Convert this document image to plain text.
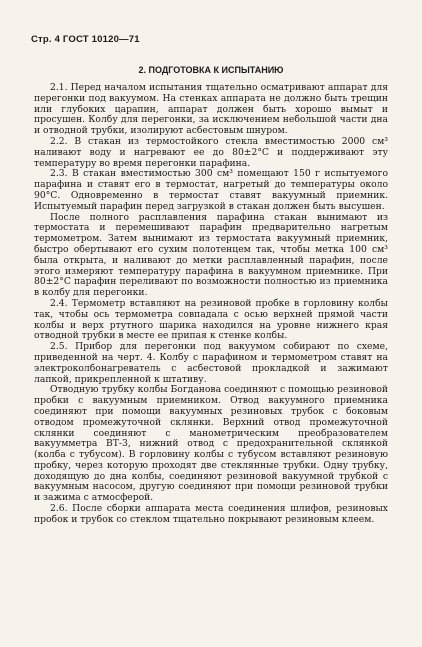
Стр. 4 ГОСТ 10120—71
2. ПОДГОТОВКА К ИСПЫТАНИЮ

2.1. Перед началом испытания тщательно осматривают аппарат для перегонки под вакуумом. На стенках аппарата не должно быть трещин или глубоких царапин, аппарат должен быть хорошо вымыт и просушен. Колбу для перегонки, за исключением небольшой части дна и отводной трубки, изолируют асбестовым шнуром.

2.2. В стакан из термостойкого стекла вместимостью 2000 см³ наливают воду и нагревают ее до 80±2°С и поддерживают эту температуру во время перегонки парафина.

2.3. В стакан вместимостью 300 см³ помещают 150 г испытуемого парафина и ставят его в термостат, нагретый до температуры около 90°С. Одновременно в термостат ставят вакуумный приемник. Испытуемый парафин перед загрузкой в стакан должен быть высушен.

После полного расплавления парафина стакан вынимают из термостата и перемешивают парафин предварительно нагретым термометром. Затем вынимают из термостата вакуумный приемник, быстро обертывают его сухим полотенцем так, чтобы метка 100 см³ была открыта, и наливают до метки расплавленный парафин, после этого измеряют температуру парафина в вакуумном приемнике. При 80±2°С парафин переливают по возможности полностью из приемника в колбу для перегонки.

2.4. Термометр вставляют на резиновой пробке в горловину колбы так, чтобы ось термометра совпадала с осью верхней прямой части колбы и верх ртутного шарика находился на уровне нижнего края отводной трубки в месте ее припая к стенке колбы.

2.5. Прибор для перегонки под вакуумом собирают по схеме, приведенной на черт. 4. Колбу с парафином и термометром ставят на электроколбонагреватель с асбестовой прокладкой и зажимают лапкой, прикрепленной к штативу.

Отводную трубку колбы Богданова соединяют с помощью резиновой пробки с вакуумным приемником. Отвод вакуумного приемника соединяют при помощи вакуумных резиновых трубок с боковым отводом промежуточной склянки. Верхний отвод промежуточной склянки соединяют с манометрическим преобразователем вакуумметра ВТ-3, нижний отвод с предохранительной склянкой (колба с тубусом). В горловину колбы с тубусом вставляют резиновую пробку, через которую проходят две стеклянные трубки. Одну трубку, доходящую до дна колбы, соединяют резиновой вакуумной трубкой с вакуумным насосом, другую соединяют при помощи резиновой трубки и зажима с атмосферой.

2.6. После сборки аппарата места соединения шлифов, резиновых пробок и трубок со стеклом тщательно покрывают резиновым клеем.
